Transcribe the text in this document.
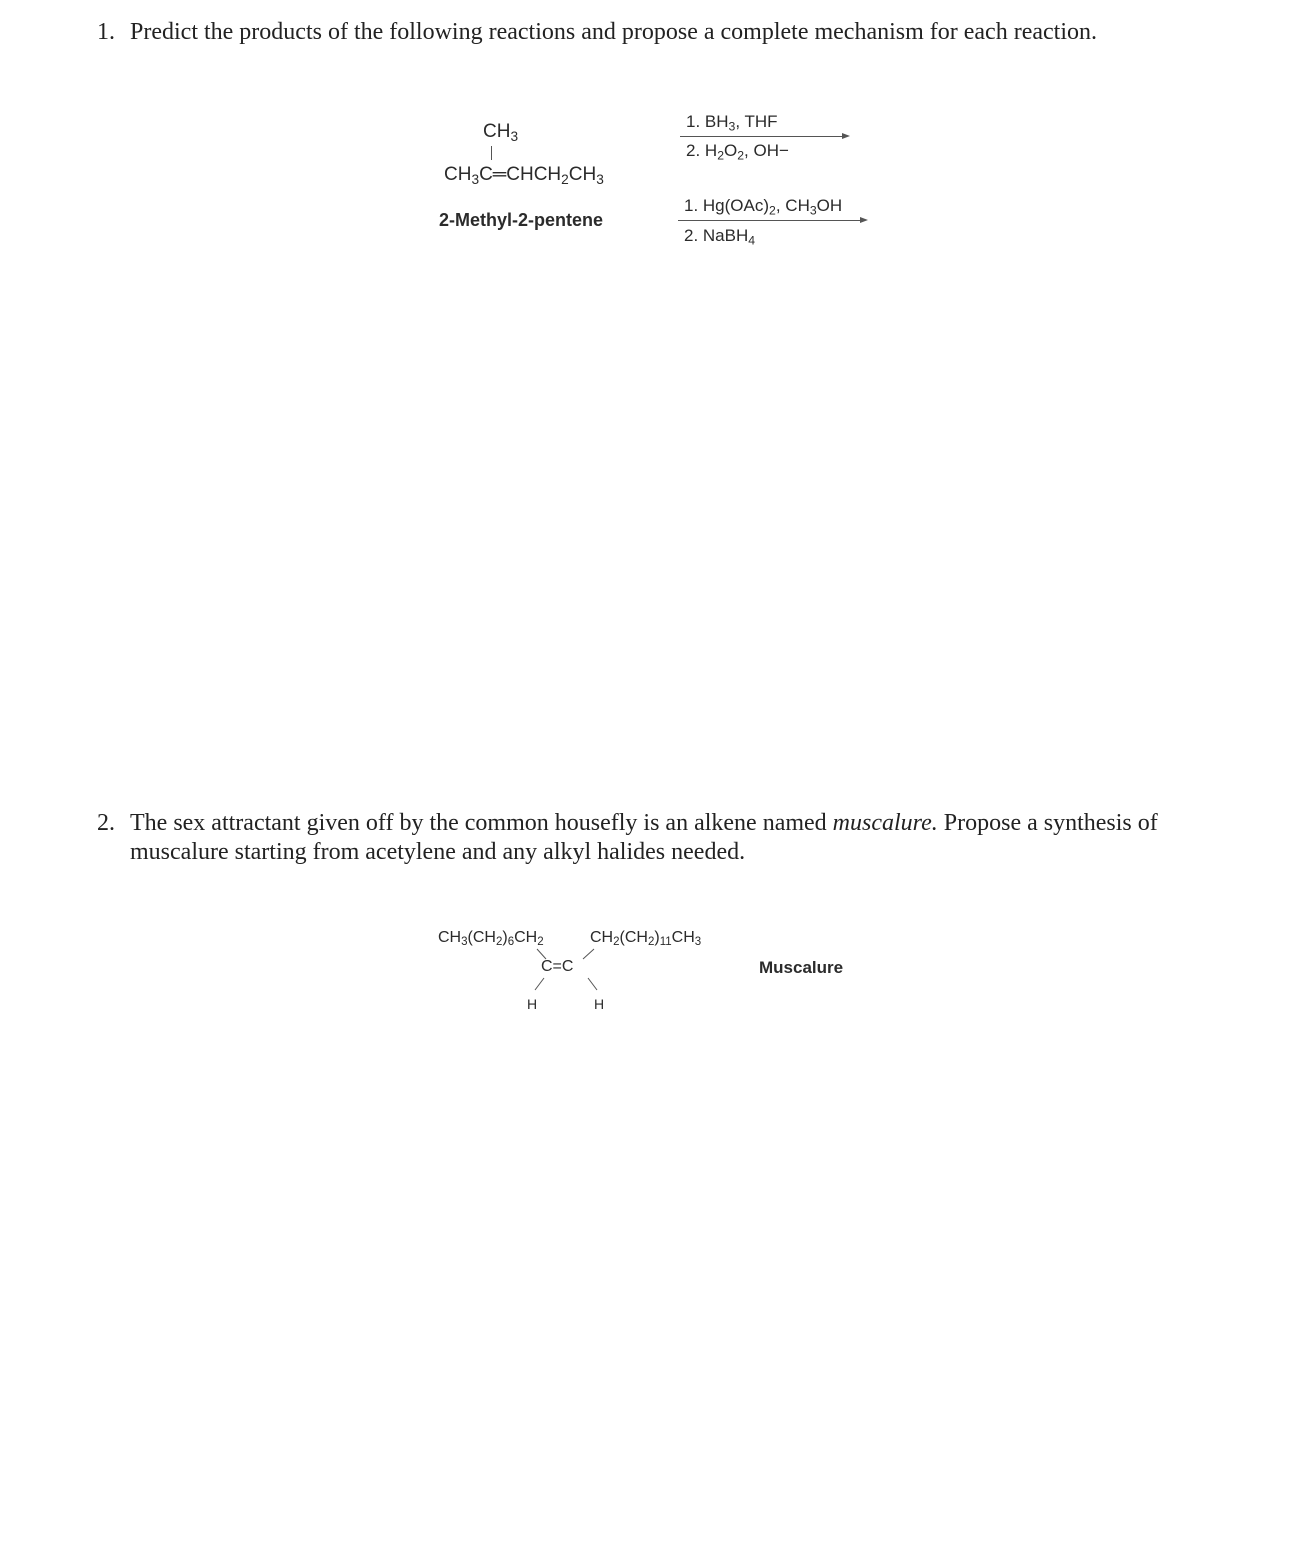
1. Predict the products of the following reactions and propose a complete mechanism for each reaction.
$CH_3$
$CH_3C═CHCH_2CH_3$
2-Methyl-2-pentene
1. $BH_3$, THF
2. $H_2O_2$, OH−
1. $Hg(OAc)_2$, $CH_3OH$
2. NaBH$_4$
2. The sex attractant given off by the common housefly is an alkene named muscalure. Propose a synthesis of muscalure starting from acetylene and any alkyl halides needed.
$CH_3(CH_2)_6CH_2$	$CH_2(CH_2)_{11}CH_3$
C=C
H	H
Muscalure
